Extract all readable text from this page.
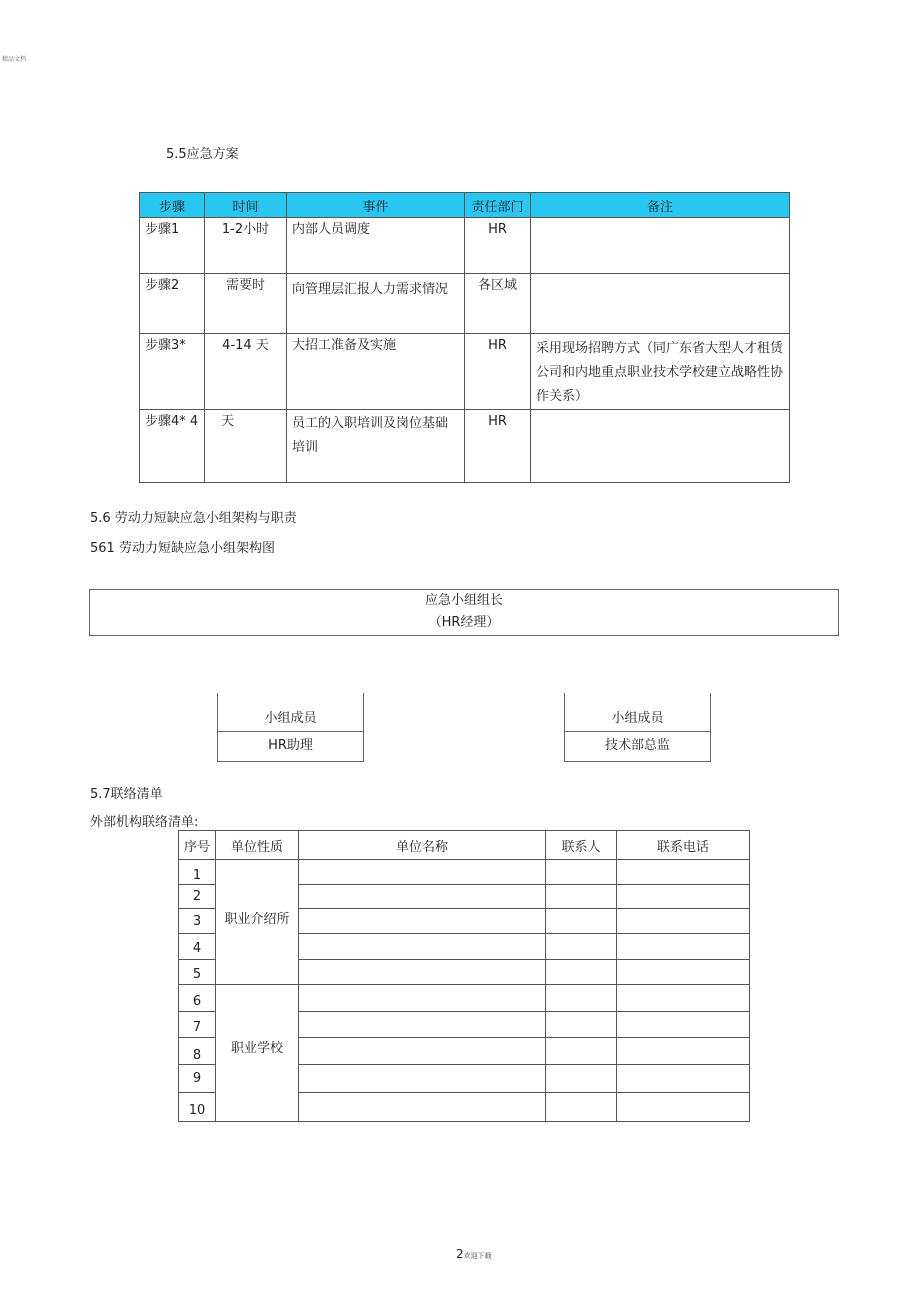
精品文档
5.5应急方案
步骤	时间	事件	责任部门	备注
步骤1	1-2小时	内部人员调度	HR	
步骤2	需要时	向管理层汇报人力需求情况	各区域	
步骤3*	4-14 天	大招工准备及实施	HR	采用现场招聘方式（同广东省大型人才租赁公司和内地重点职业技术学校建立战略性协作关系）
步骤4* 4	天	员工的入职培训及岗位基础培训	HR	
5.6 劳动力短缺应急小组架构与职责
561 劳动力短缺应急小组架构图
应急小组组长
（HR经理）
小组成员
HR助理
小组成员
技术部总监
5.7联络清单
外部机构联络清单:
序号	单位性质	单位名称	联系人	联系电话
1	职业介绍所			
2				
3				
4				
5				
6	职业学校			
7				
8				
9				
10				
2欢迎下载
